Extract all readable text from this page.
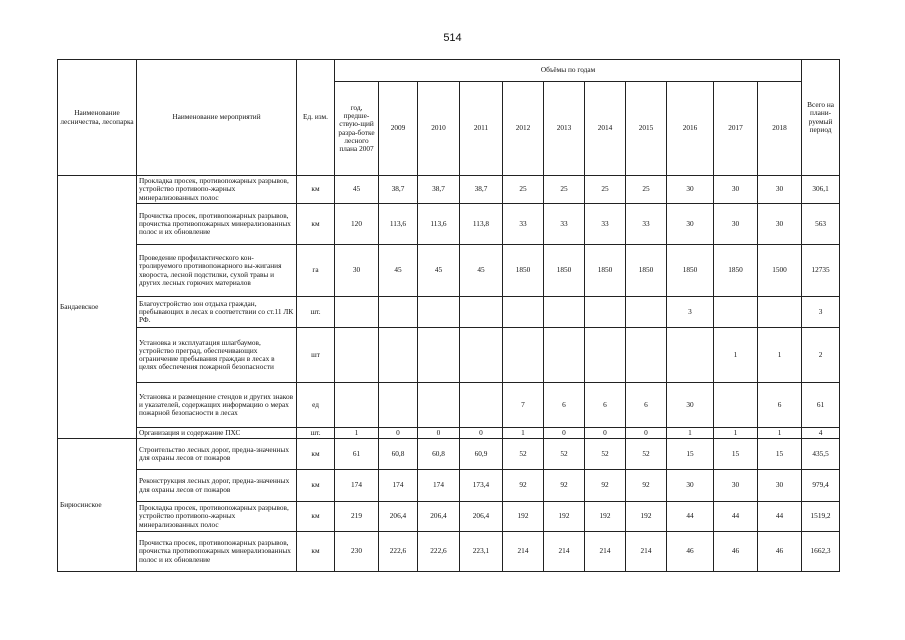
514
Наименование лесничества, лесопарка	Наименование мероприятий	Ед. изм.	Объёмы по годам											Всего на плани-руемый период
			год, предше-ствую-щий разра-ботке лесного плана 2007	2009	2010	2011	2012	2013	2014	2015	2016	2017	2018	
Бандаевское	Прокладка просек, противопожарных разрывов, устройство противопо-жарных минерализованных полос	км	45	38,7	38,7	38,7	25	25	25	25	30	30	30	306,1
	Прочистка просек, противопожарных разрывов, прочистка противопожарных минерализованных полос и их обновление	км	120	113,6	113,6	113,8	33	33	33	33	30	30	30	563
	Проведение профилактического кон-тролируемого противопожарного вы-жигания хвороста, лесной подстилки, сухой травы и других лесных горючих материалов	га	30	45	45	45	1850	1850	1850	1850	1850	1850	1500	12735
	Благоустройство зон отдыха граждан, пребывающих в лесах в соответствии со ст.11 ЛК РФ.	шт.									3			3
	Установка и эксплуатация шлагбаумов, устройство преград, обеспечивающих ограничение пребывания граждан в лесах в целях обеспечения пожарной безопасности	шт										1	1	2
	Установка и размещение стендов и других знаков и указателей, содержащих информацию о мерах пожарной безопасности в лесах	ед					7	6	6	6	30		6	61
	Организация и содержание ПХС	шт.	1	0	0	0	1	0	0	0	1	1	1	4
Бирюсинское	Строительство лесных дорог, предна-значенных для охраны лесов от пожаров	км	61	60,8	60,8	60,9	52	52	52	52	15	15	15	435,5
	Реконструкция лесных дорог, предна-значенных для охраны лесов от пожаров	км	174	174	174	173,4	92	92	92	92	30	30	30	979,4
	Прокладка просек, противопожарных разрывов, устройство противопо-жарных минерализованных полос	км	219	206,4	206,4	206,4	192	192	192	192	44	44	44	1519,2
	Прочистка просек, противопожарных разрывов, прочистка противопожарных минерализованных полос и их обновление	км	230	222,6	222,6	223,1	214	214	214	214	46	46	46	1662,3
